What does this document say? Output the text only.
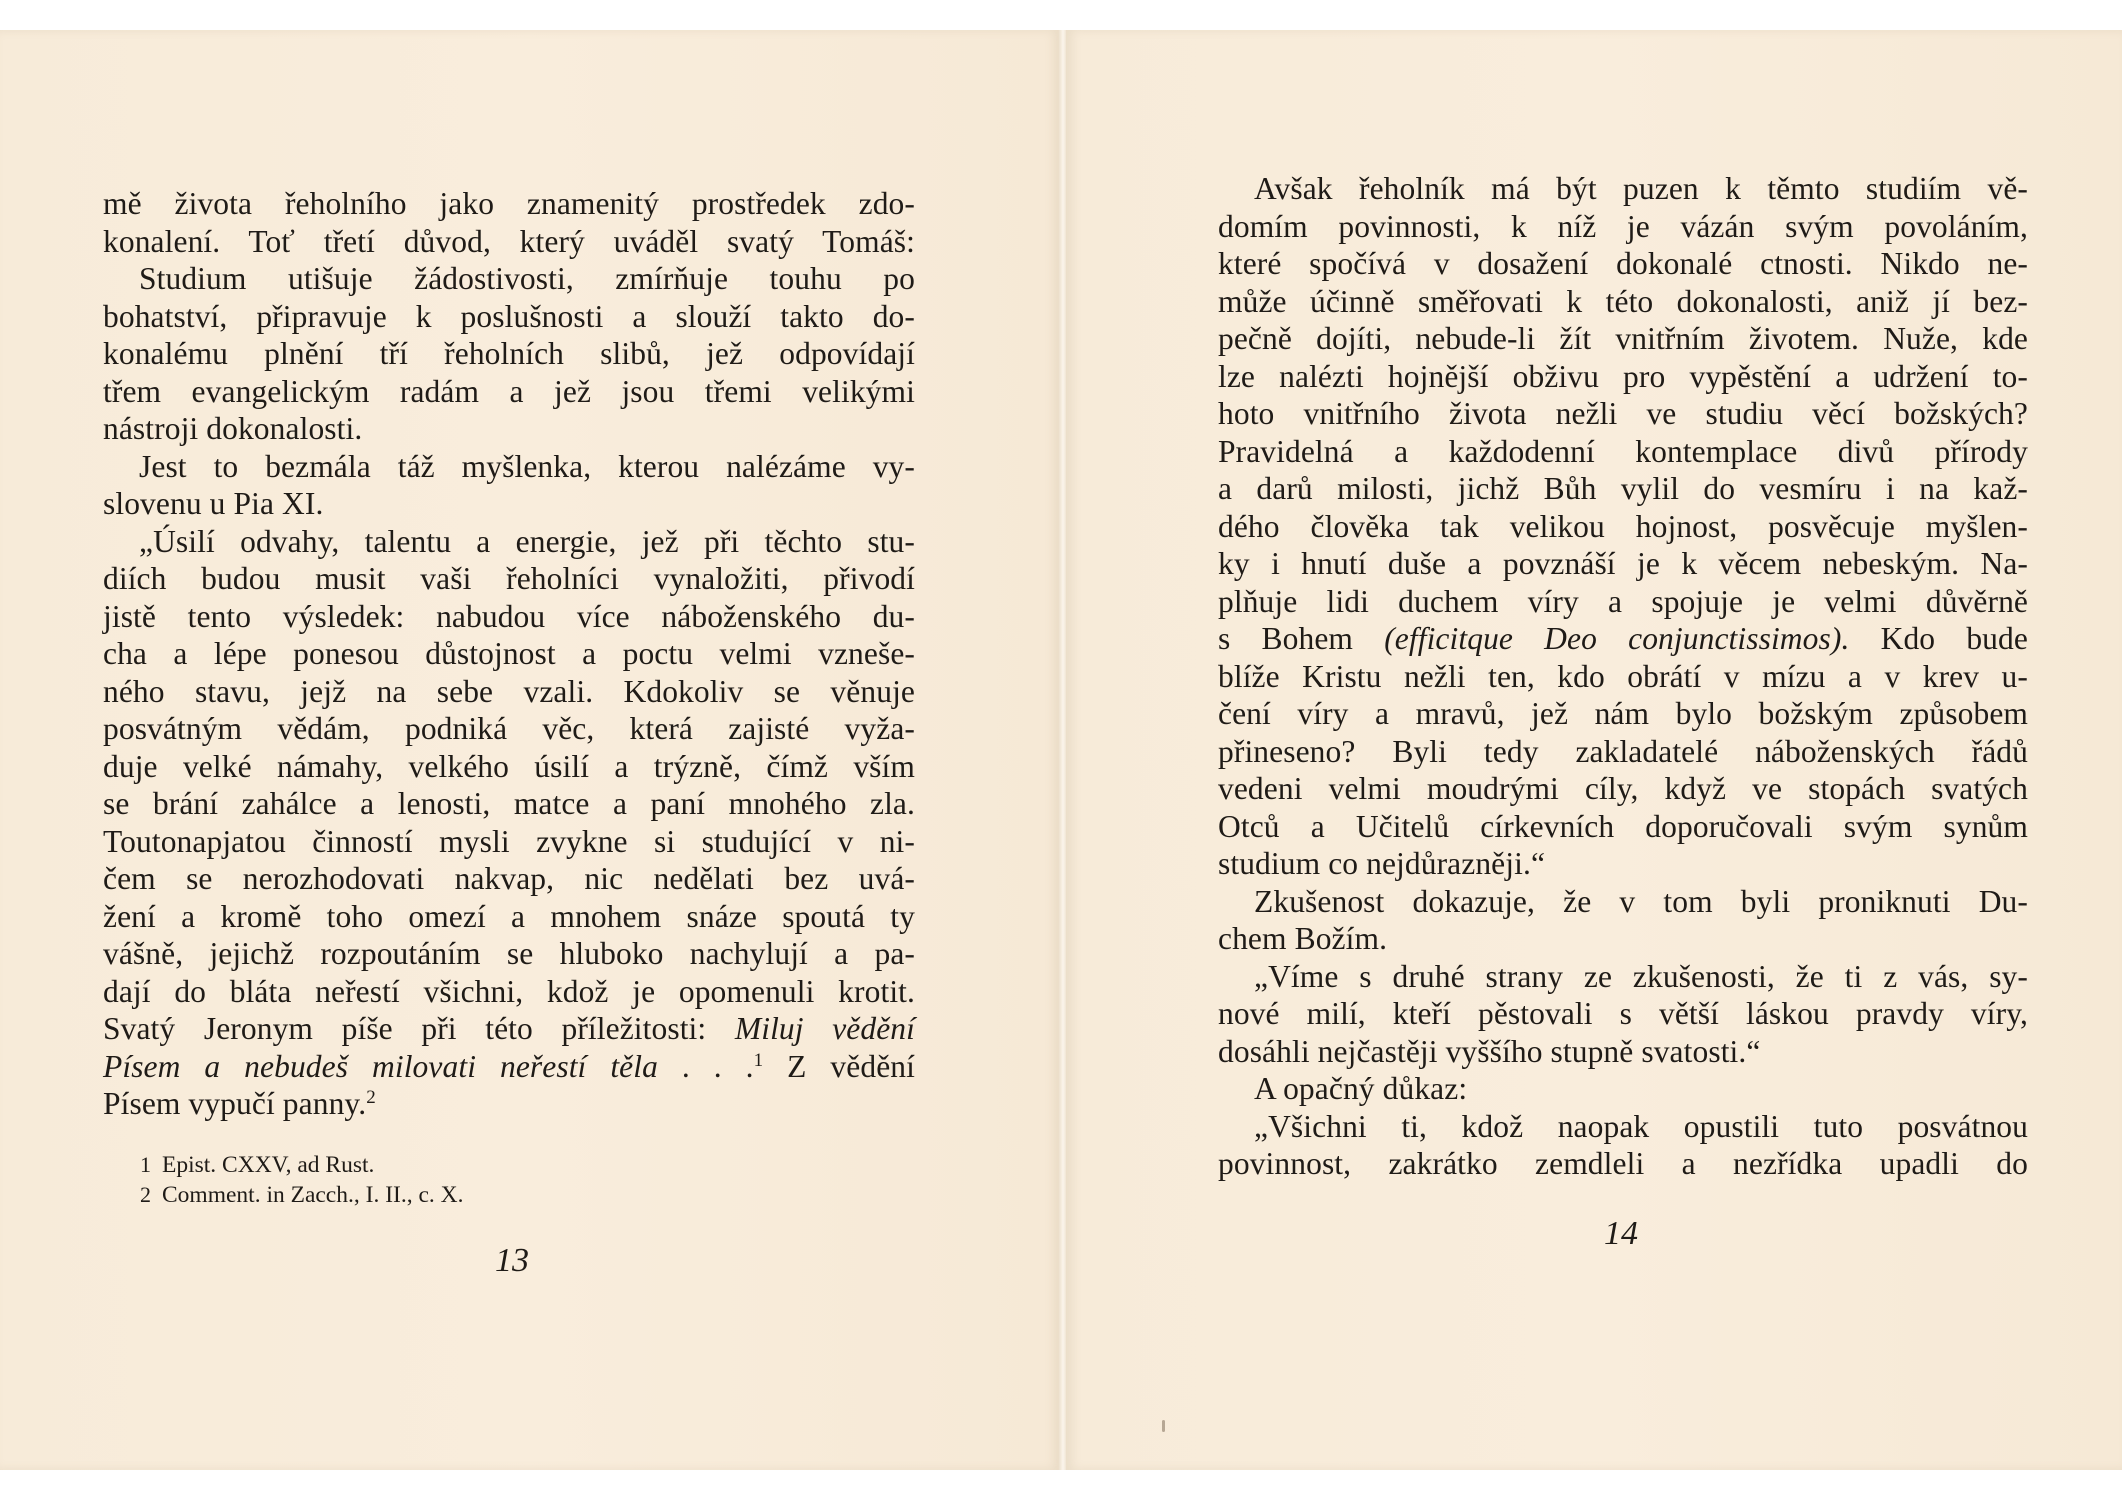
mě života řeholního jako znamenitý prostředek zdo-
konalení. Toť třetí důvod, který uváděl svatý Tomáš:
Studium utišuje žádostivosti, zmírňuje touhu po
bohatství, připravuje k poslušnosti a slouží takto do-
konalému plnění tří řeholních slibů, jež odpovídají
třem evangelickým radám a jež jsou třemi velikými
nástroji dokonalosti.
Jest to bezmála táž myšlenka, kterou nalézáme vy-
slovenu u Pia XI.
„Úsilí odvahy, talentu a energie, jež při těchto stu-
diích budou musit vaši řeholníci vynaložiti, přivodí
jistě tento výsledek: nabudou více náboženského du-
cha a lépe ponesou důstojnost a poctu velmi vzneše-
ného stavu, jejž na sebe vzali. Kdokoliv se věnuje
posvátným vědám, podniká věc, která zajisté vyža-
duje velké námahy, velkého úsilí a trýzně, čímž vším
se brání zahálce a lenosti, matce a paní mnohého zla.
Toutonapjatou činností mysli zvykne si studující v ni-
čem se nerozhodovati nakvap, nic nedělati bez uvá-
žení a kromě toho omezí a mnohem snáze spoutá ty
vášně, jejichž rozpoutáním se hluboko nachylují a pa-
dají do bláta neřestí všichni, kdož je opomenuli krotit.
Svatý Jeronym píše při této příležitosti: Miluj vědění
Písem a nebudeš milovati neřestí těla . . .$^1$ Z vědění
Písem vypučí panny.$^2$
1 Epist. CXXV, ad Rust.
2 Comment. in Zacch., I. II., c. X.
13
Avšak řeholník má být puzen k těmto studiím vě-
domím povinnosti, k níž je vázán svým povoláním,
které spočívá v dosažení dokonalé ctnosti. Nikdo ne-
může účinně směřovati k této dokonalosti, aniž jí bez-
pečně dojíti, nebude-li žít vnitřním životem. Nuže, kde
lze nalézti hojnější obživu pro vypěstění a udržení to-
hoto vnitřního života nežli ve studiu věcí božských?
Pravidelná a každodenní kontemplace divů přírody
a darů milosti, jichž Bůh vylil do vesmíru i na kaž-
dého člověka tak velikou hojnost, posvěcuje myšlen-
ky i hnutí duše a povznáší je k věcem nebeským. Na-
plňuje lidi duchem víry a spojuje je velmi důvěrně
s Bohem (efficitque Deo conjunctissimos). Kdo bude
blíže Kristu nežli ten, kdo obrátí v mízu a v krev u-
čení víry a mravů, jež nám bylo božským způsobem
přineseno? Byli tedy zakladatelé náboženských řádů
vedeni velmi moudrými cíly, když ve stopách svatých
Otců a Učitelů církevních doporučovali svým synům
studium co nejdůrazněji.“
Zkušenost dokazuje, že v tom byli proniknuti Du-
chem Božím.
„Víme s druhé strany ze zkušenosti, že ti z vás, sy-
nové milí, kteří pěstovali s větší láskou pravdy víry,
dosáhli nejčastěji vyššího stupně svatosti.“
A opačný důkaz:
„Všichni ti, kdož naopak opustili tuto posvátnou
povinnost, zakrátko zemdleli a nezřídka upadli do
14
